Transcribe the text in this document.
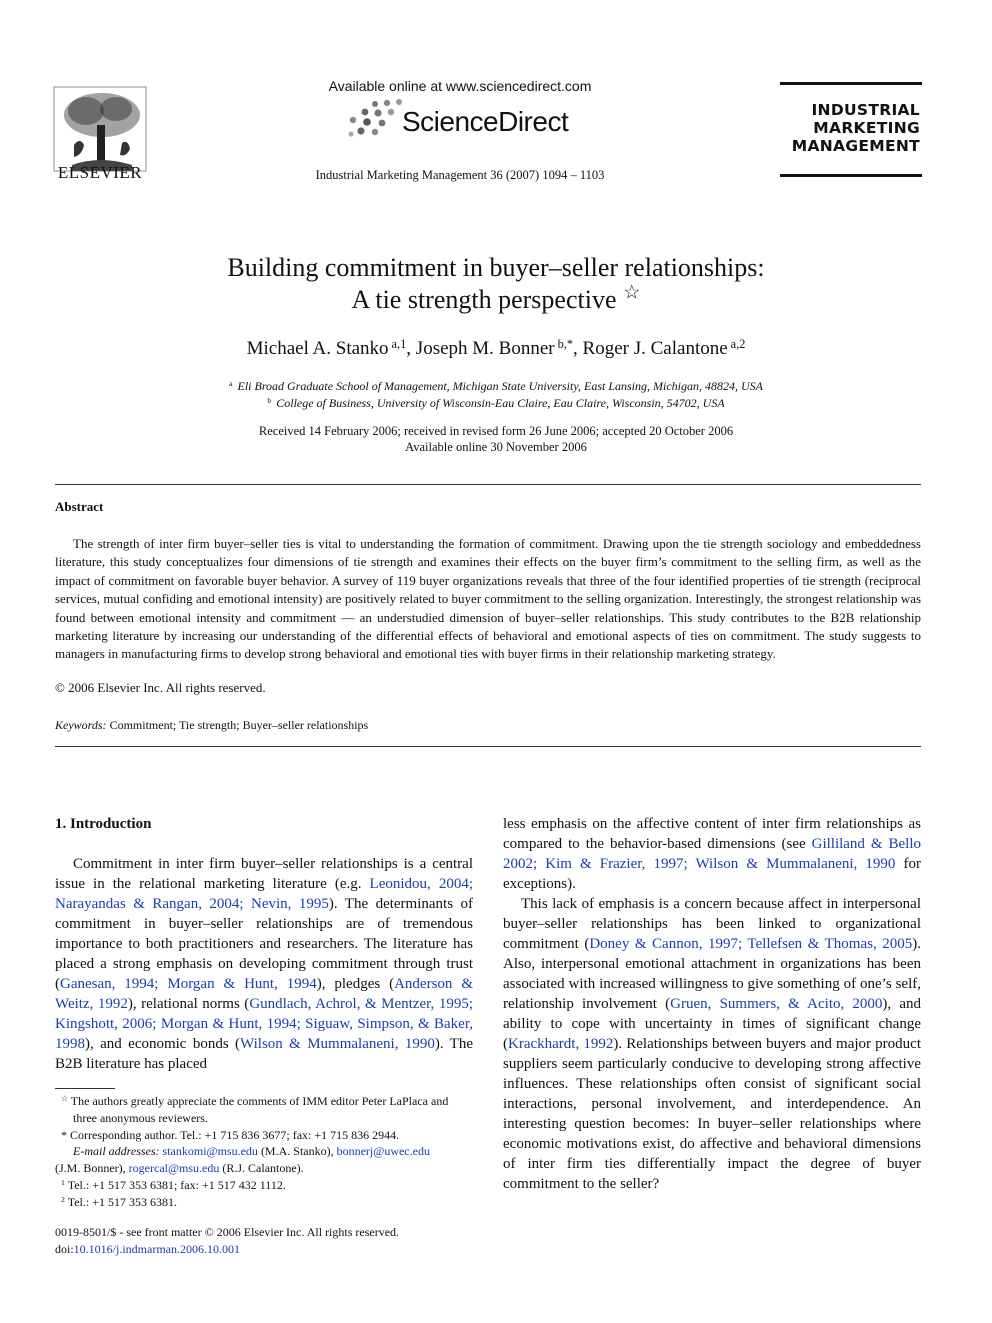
ELSEVIER
Available online at www.sciencedirect.com
ScienceDirect
Industrial Marketing Management 36 (2007) 1094 – 1103
INDUSTRIAL
MARKETING
MANAGEMENT
Building commitment in buyer–seller relationships:
A tie strength perspective ☆
Michael A. Stanko $^{a,1}$, Joseph M. Bonner $^{b,*}$, Roger J. Calantone $^{a,2}$
$^a$ Eli Broad Graduate School of Management, Michigan State University, East Lansing, Michigan, 48824, USA
$^b$ College of Business, University of Wisconsin-Eau Claire, Eau Claire, Wisconsin, 54702, USA
Received 14 February 2006; received in revised form 26 June 2006; accepted 20 October 2006
Available online 30 November 2006
Abstract
The strength of inter firm buyer–seller ties is vital to understanding the formation of commitment. Drawing upon the tie strength sociology and embeddedness literature, this study conceptualizes four dimensions of tie strength and examines their effects on the buyer firm’s commitment to the selling firm, as well as the impact of commitment on favorable buyer behavior. A survey of 119 buyer organizations reveals that three of the four identified properties of tie strength (reciprocal services, mutual confiding and emotional intensity) are positively related to buyer commitment to the selling organization. Interestingly, the strongest relationship was found between emotional intensity and commitment — an understudied dimension of buyer–seller relationships. This study contributes to the B2B relationship marketing literature by increasing our understanding of the differential effects of behavioral and emotional aspects of ties on commitment. The study suggests to managers in manufacturing firms to develop strong behavioral and emotional ties with buyer firms in their relationship marketing strategy.
© 2006 Elsevier Inc. All rights reserved.
Keywords: Commitment; Tie strength; Buyer–seller relationships
1. Introduction

Commitment in inter firm buyer–seller relationships is a central issue in the relational marketing literature (e.g. Leonidou, 2004; Narayandas & Rangan, 2004; Nevin, 1995). The determinants of commitment in buyer–seller relationships are of tremendous importance to both practitioners and researchers. The literature has placed a strong emphasis on developing commitment through trust (Ganesan, 1994; Morgan & Hunt, 1994), pledges (Anderson & Weitz, 1992), relational norms (Gundlach, Achrol, & Mentzer, 1995; Kingshott, 2006; Morgan & Hunt, 1994; Siguaw, Simpson, & Baker, 1998), and economic bonds (Wilson & Mummalaneni, 1990). The B2B literature has placed

less emphasis on the affective content of inter firm relationships as compared to the behavior-based dimensions (see Gilliland & Bello 2002; Kim & Frazier, 1997; Wilson & Mummalaneni, 1990 for exceptions).

This lack of emphasis is a concern because affect in interpersonal buyer–seller relationships has been linked to organizational commitment (Doney & Cannon, 1997; Tellefsen & Thomas, 2005). Also, interpersonal emotional attachment in organizations has been associated with increased willingness to give something of one’s self, relationship involvement (Gruen, Summers, & Acito, 2000), and ability to cope with uncertainty in times of significant change (Krackhardt, 1992). Relationships between buyers and major product suppliers seem particularly conducive to developing strong affective influences. These relationships often consist of significant social interactions, personal involvement, and interdependence. An interesting question becomes: In buyer–seller relationships where economic motivations exist, do affective and behavioral dimensions of inter firm ties differentially impact the degree of buyer commitment to the seller?

☆ The authors greatly appreciate the comments of IMM editor Peter LaPlaca and three anonymous reviewers.

* Corresponding author. Tel.: +1 715 836 3677; fax: +1 715 836 2944.

E-mail addresses: stankomi@msu.edu (M.A. Stanko), bonnerj@uwec.edu

(J.M. Bonner), rogercal@msu.edu (R.J. Calantone).

$^1$ Tel.: +1 517 353 6381; fax: +1 517 432 1112.

$^2$ Tel.: +1 517 353 6381.

0019-8501/$ - see front matter © 2006 Elsevier Inc. All rights reserved.

doi:10.1016/j.indmarman.2006.10.001
